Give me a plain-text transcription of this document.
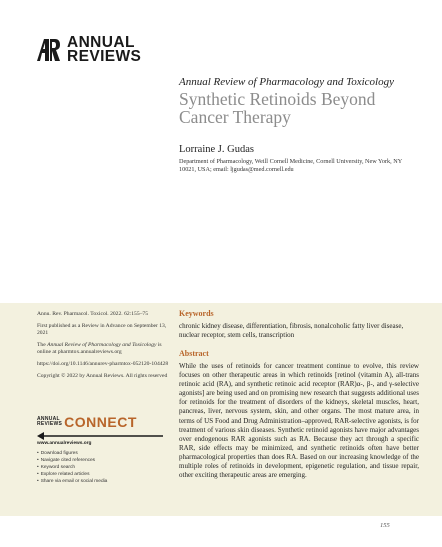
ANNUAL
REVIEWS
Annual Review of Pharmacology and Toxicology
Synthetic Retinoids Beyond Cancer Therapy
Lorraine J. Gudas
Department of Pharmacology, Weill Cornell Medicine, Cornell University, New York, NY 10021, USA; email: ljgudas@med.cornell.edu

Annu. Rev. Pharmacol. Toxicol. 2022. 62:155–75

First published as a Review in Advance on September 13, 2021

The Annual Review of Pharmacology and Toxicology is online at pharmtox.annualreviews.org

https://doi.org/10.1146/annurev-pharmtox-052120-104428

Copyright © 2022 by Annual Reviews. All rights reserved

ANNUAL
REVIEWS CONNECT
www.annualreviews.org
• Download figures
• Navigate cited references
• Keyword search
• Explore related articles
• Share via email or social media
Keywords
chronic kidney disease, differentiation, fibrosis, nonalcoholic fatty liver disease, nuclear receptor, stem cells, transcription
Abstract
While the uses of retinoids for cancer treatment continue to evolve, this review focuses on other therapeutic areas in which retinoids [retinol (vitamin A), all-trans retinoic acid (RA), and synthetic retinoic acid receptor (RAR)α-, β-, and γ-selective agonists] are being used and on promising new research that suggests additional uses for retinoids for the treatment of disorders of the kidneys, skeletal muscles, heart, pancreas, liver, nervous system, skin, and other organs. The most mature area, in terms of US Food and Drug Administration–approved, RAR-selective agonists, is for treatment of various skin diseases. Synthetic retinoid agonists have major advantages over endogenous RAR agonists such as RA. Because they act through a specific RAR, side effects may be minimized, and synthetic retinoids often have better pharmacological properties than does RA. Based on our increasing knowledge of the multiple roles of retinoids in development, epigenetic regulation, and tissue repair, other exciting therapeutic areas are emerging.
155
